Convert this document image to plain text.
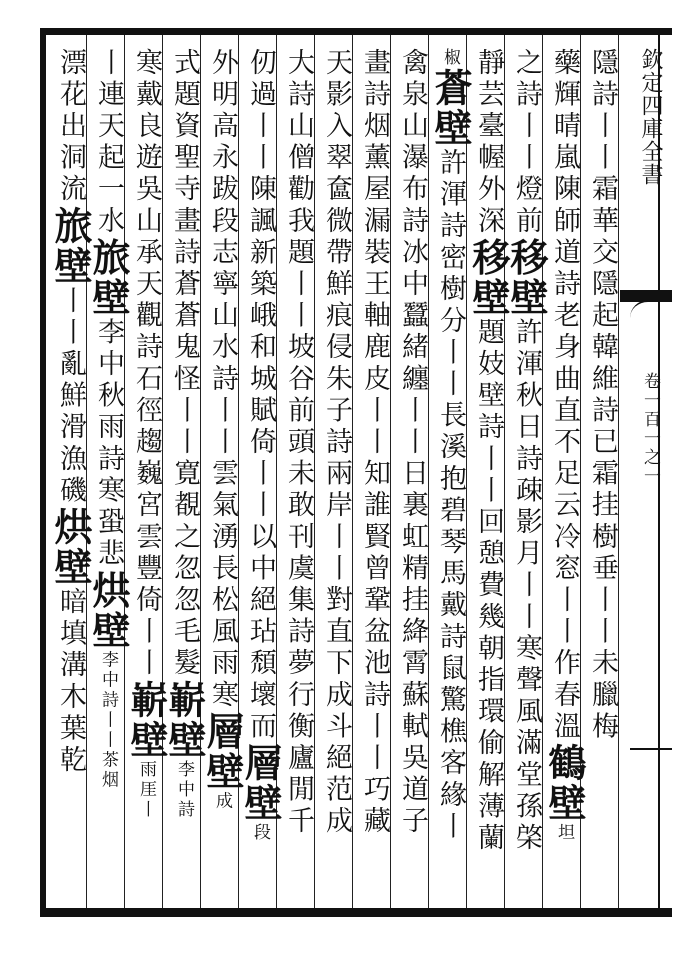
欽定四庫全書
卷一百一之一
隱詩丨丨霜華交隱起韓維詩已霜挂樹垂丨丨未臘梅
藥輝晴嵐陳師道詩老身曲直不足云冷窓丨丨作春溫鶴壁坦
之詩丨丨燈前移壁許渾秋日詩疎影月丨丨寒聲風滿堂孫棨
靜芸臺幄外深移壁題妓壁詩丨丨回憩費幾朝指環偷解薄蘭
椒蒼壁許渾詩密樹分丨丨長溪抱碧琴馬戴詩鼠驚樵客緣丨
禽泉山瀑布詩冰中蠶緒纏丨丨日裏虹精挂絳霄蘇軾吳道子
畫詩烟薰屋漏裝王軸鹿皮丨丨知誰賢曾鞏盆池詩丨丨巧藏
天影入翠奩微帶鮮痕侵朱子詩兩岸丨丨對直下成斗絕范成
大詩山僧勸我題丨丨坡谷前頭未敢刊虞集詩夢行衡廬閒千
仞過丨丨陳諷新築峨和城賦倚丨丨以中絕玷頹壞而層壁段
外明高永跋段志寧山水詩丨丨雲氣湧長松風雨寒層壁成
式題資聖寺畫詩蒼蒼鬼怪丨丨寛覩之忽忽毛髮嶄壁李中詩
寒戴良遊吳山承天觀詩石徑趨巍宮雲豐倚丨丨嶄壁雨厓丨
丨連天起一水旅壁李中秋雨詩寒蛩悲烘壁李中詩丨丨茶烟
漂花出洞流旅壁丨丨亂鮮滑漁磯烘壁暗填溝木葉乾
